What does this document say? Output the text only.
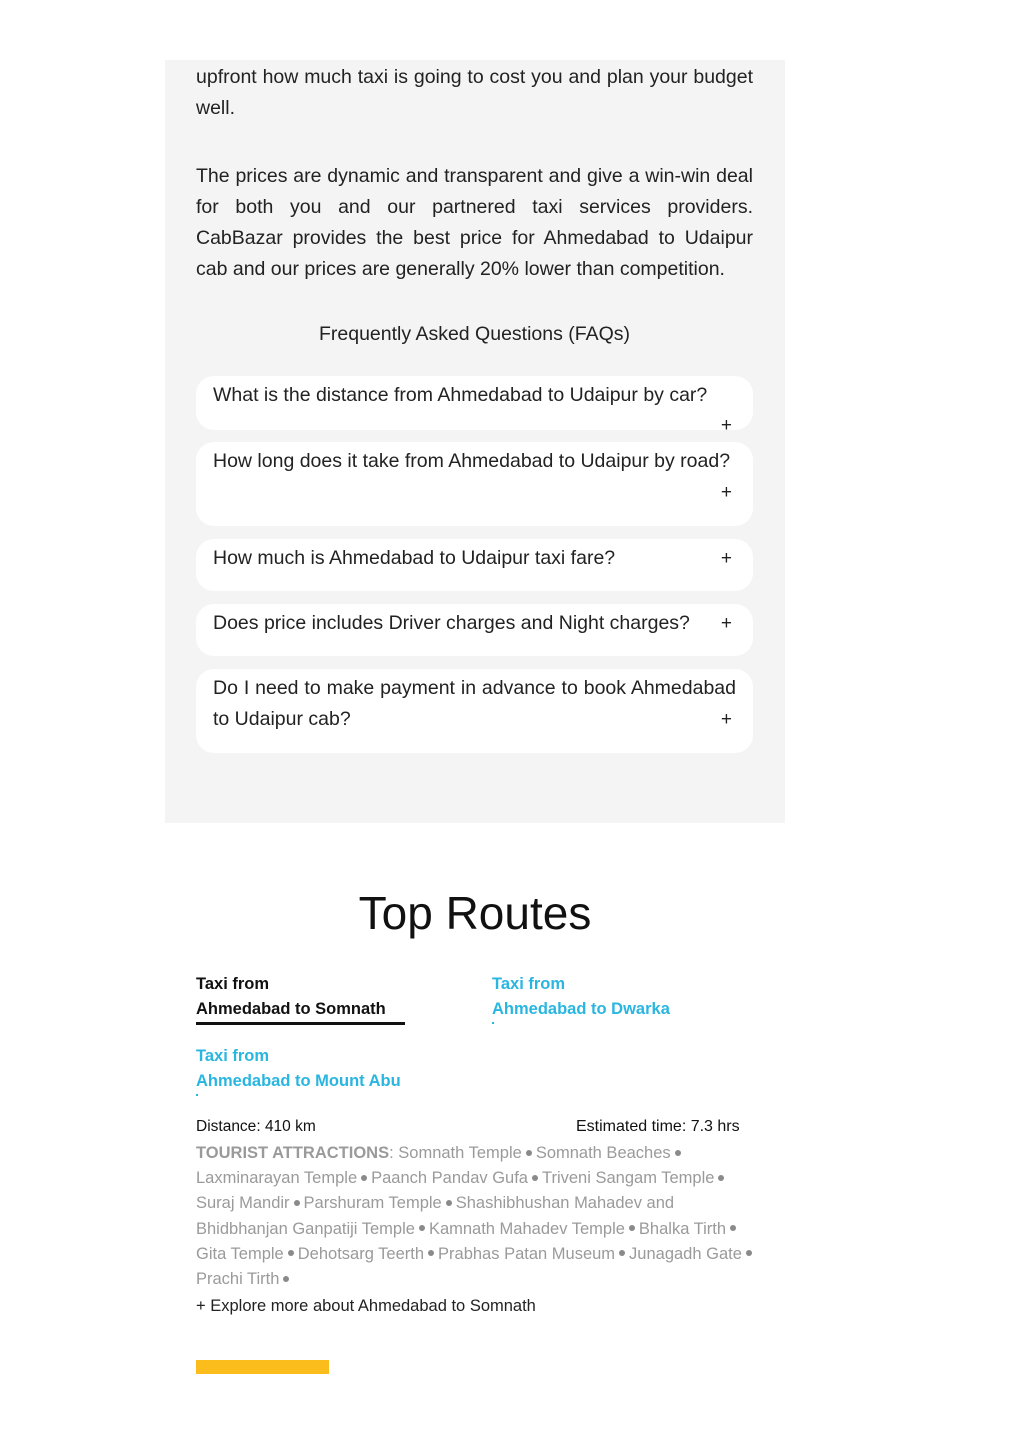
upfront how much taxi is going to cost you and plan your budget well.

The prices are dynamic and transparent and give a win-win deal for both you and our partnered taxi services providers. CabBazar provides the best price for Ahmedabad to Udaipur cab and our prices are generally 20% lower than competition.

Frequently Asked Questions (FAQs)
What is the distance from Ahmedabad to Udaipur by car?
+
How long does it take from Ahmedabad to Udaipur by road?
+
How much is Ahmedabad to Udaipur taxi fare?	+
Does price includes Driver charges and Night charges?	+
Do I need to make payment in advance to book Ahmedabad to Udaipur cab?	+
Top Routes
Taxi from
Ahmedabad to Somnath
Taxi from
Ahmedabad to Dwarka
Taxi from
Ahmedabad to Mount Abu
Distance: 410 km	Estimated time: 7.3 hrs
TOURIST ATTRACTIONS: Somnath Temple Somnath BeachesLaxminarayan Temple Paanch Pandav Gufa Triveni Sangam TempleSuraj Mandir Parshuram Temple Shashibhushan Mahadev and Bhidbhanjan Ganpatiji Temple Kamnath Mahadev Temple Bhalka TirthGita Temple Dehotsarg Teerth Prabhas Patan Museum Junagadh GatePrachi Tirth
+ Explore more about Ahmedabad to Somnath
